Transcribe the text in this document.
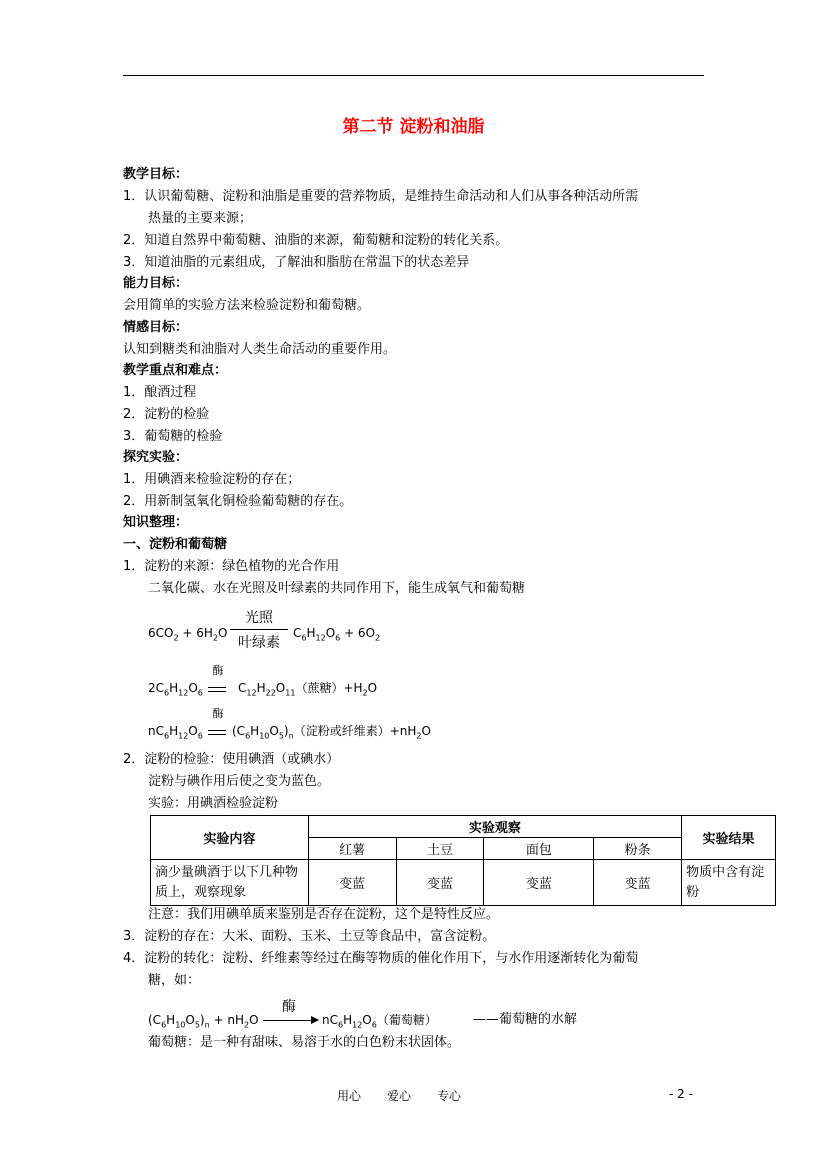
第二节 淀粉和油脂
教学目标：
1．认识葡萄糖、淀粉和油脂是重要的营养物质，是维持生命活动和人们从事各种活动所需
热量的主要来源；
2．知道自然界中葡萄糖、油脂的来源，葡萄糖和淀粉的转化关系。
3．知道油脂的元素组成，了解油和脂肪在常温下的状态差异
能力目标：
会用简单的实验方法来检验淀粉和葡萄糖。
情感目标：
认知到糖类和油脂对人类生命活动的重要作用。
教学重点和难点：
1．酿酒过程
2．淀粉的检验
3．葡萄糖的检验
探究实验：
1．用碘酒来检验淀粉的存在；
2．用新制氢氧化铜检验葡萄糖的存在。
知识整理：
一、淀粉和葡萄糖
1．淀粉的来源：绿色植物的光合作用
二氧化碳、水在光照及叶绿素的共同作用下，能生成氧气和葡萄糖
$6CO_2 + 6H_2O$
光照
叶绿素
$C_6H_{12}O_6 + 6O_2$
$2C_6H_{12}O_6$
酶
$C_{12}H_{22}O_{11}$（蔗糖）$+H_2O$
$nC_6H_{12}O_6$
酶
$(C_6H_{10}O_5)_n$（淀粉或纤维素）$+nH_2O$
2．淀粉的检验：使用碘酒（或碘水）
淀粉与碘作用后使之变为蓝色。
实验：用碘酒检验淀粉
实验内容	实验观察				实验结果
	红薯	土豆	面包	粉条	
滴少量碘酒于以下几种物质上，观察现象	变蓝	变蓝	变蓝	变蓝	物质中含有淀粉
注意：我们用碘单质来鉴别是否存在淀粉，这个是特性反应。
3．淀粉的存在：大米、面粉、玉米、土豆等食品中，富含淀粉。
4．淀粉的转化：淀粉、纤维素等经过在酶等物质的催化作用下，与水作用逐渐转化为葡萄
糖，如：
$(C_6H_{10}O_5)_n + nH_2O$
酶
→ $nC_6H_{12}O_6$（葡萄糖）	——葡萄糖的水解
葡萄糖：是一种有甜味、易溶于水的白色粉末状固体。
用心 爱心 专心	- 2 -
